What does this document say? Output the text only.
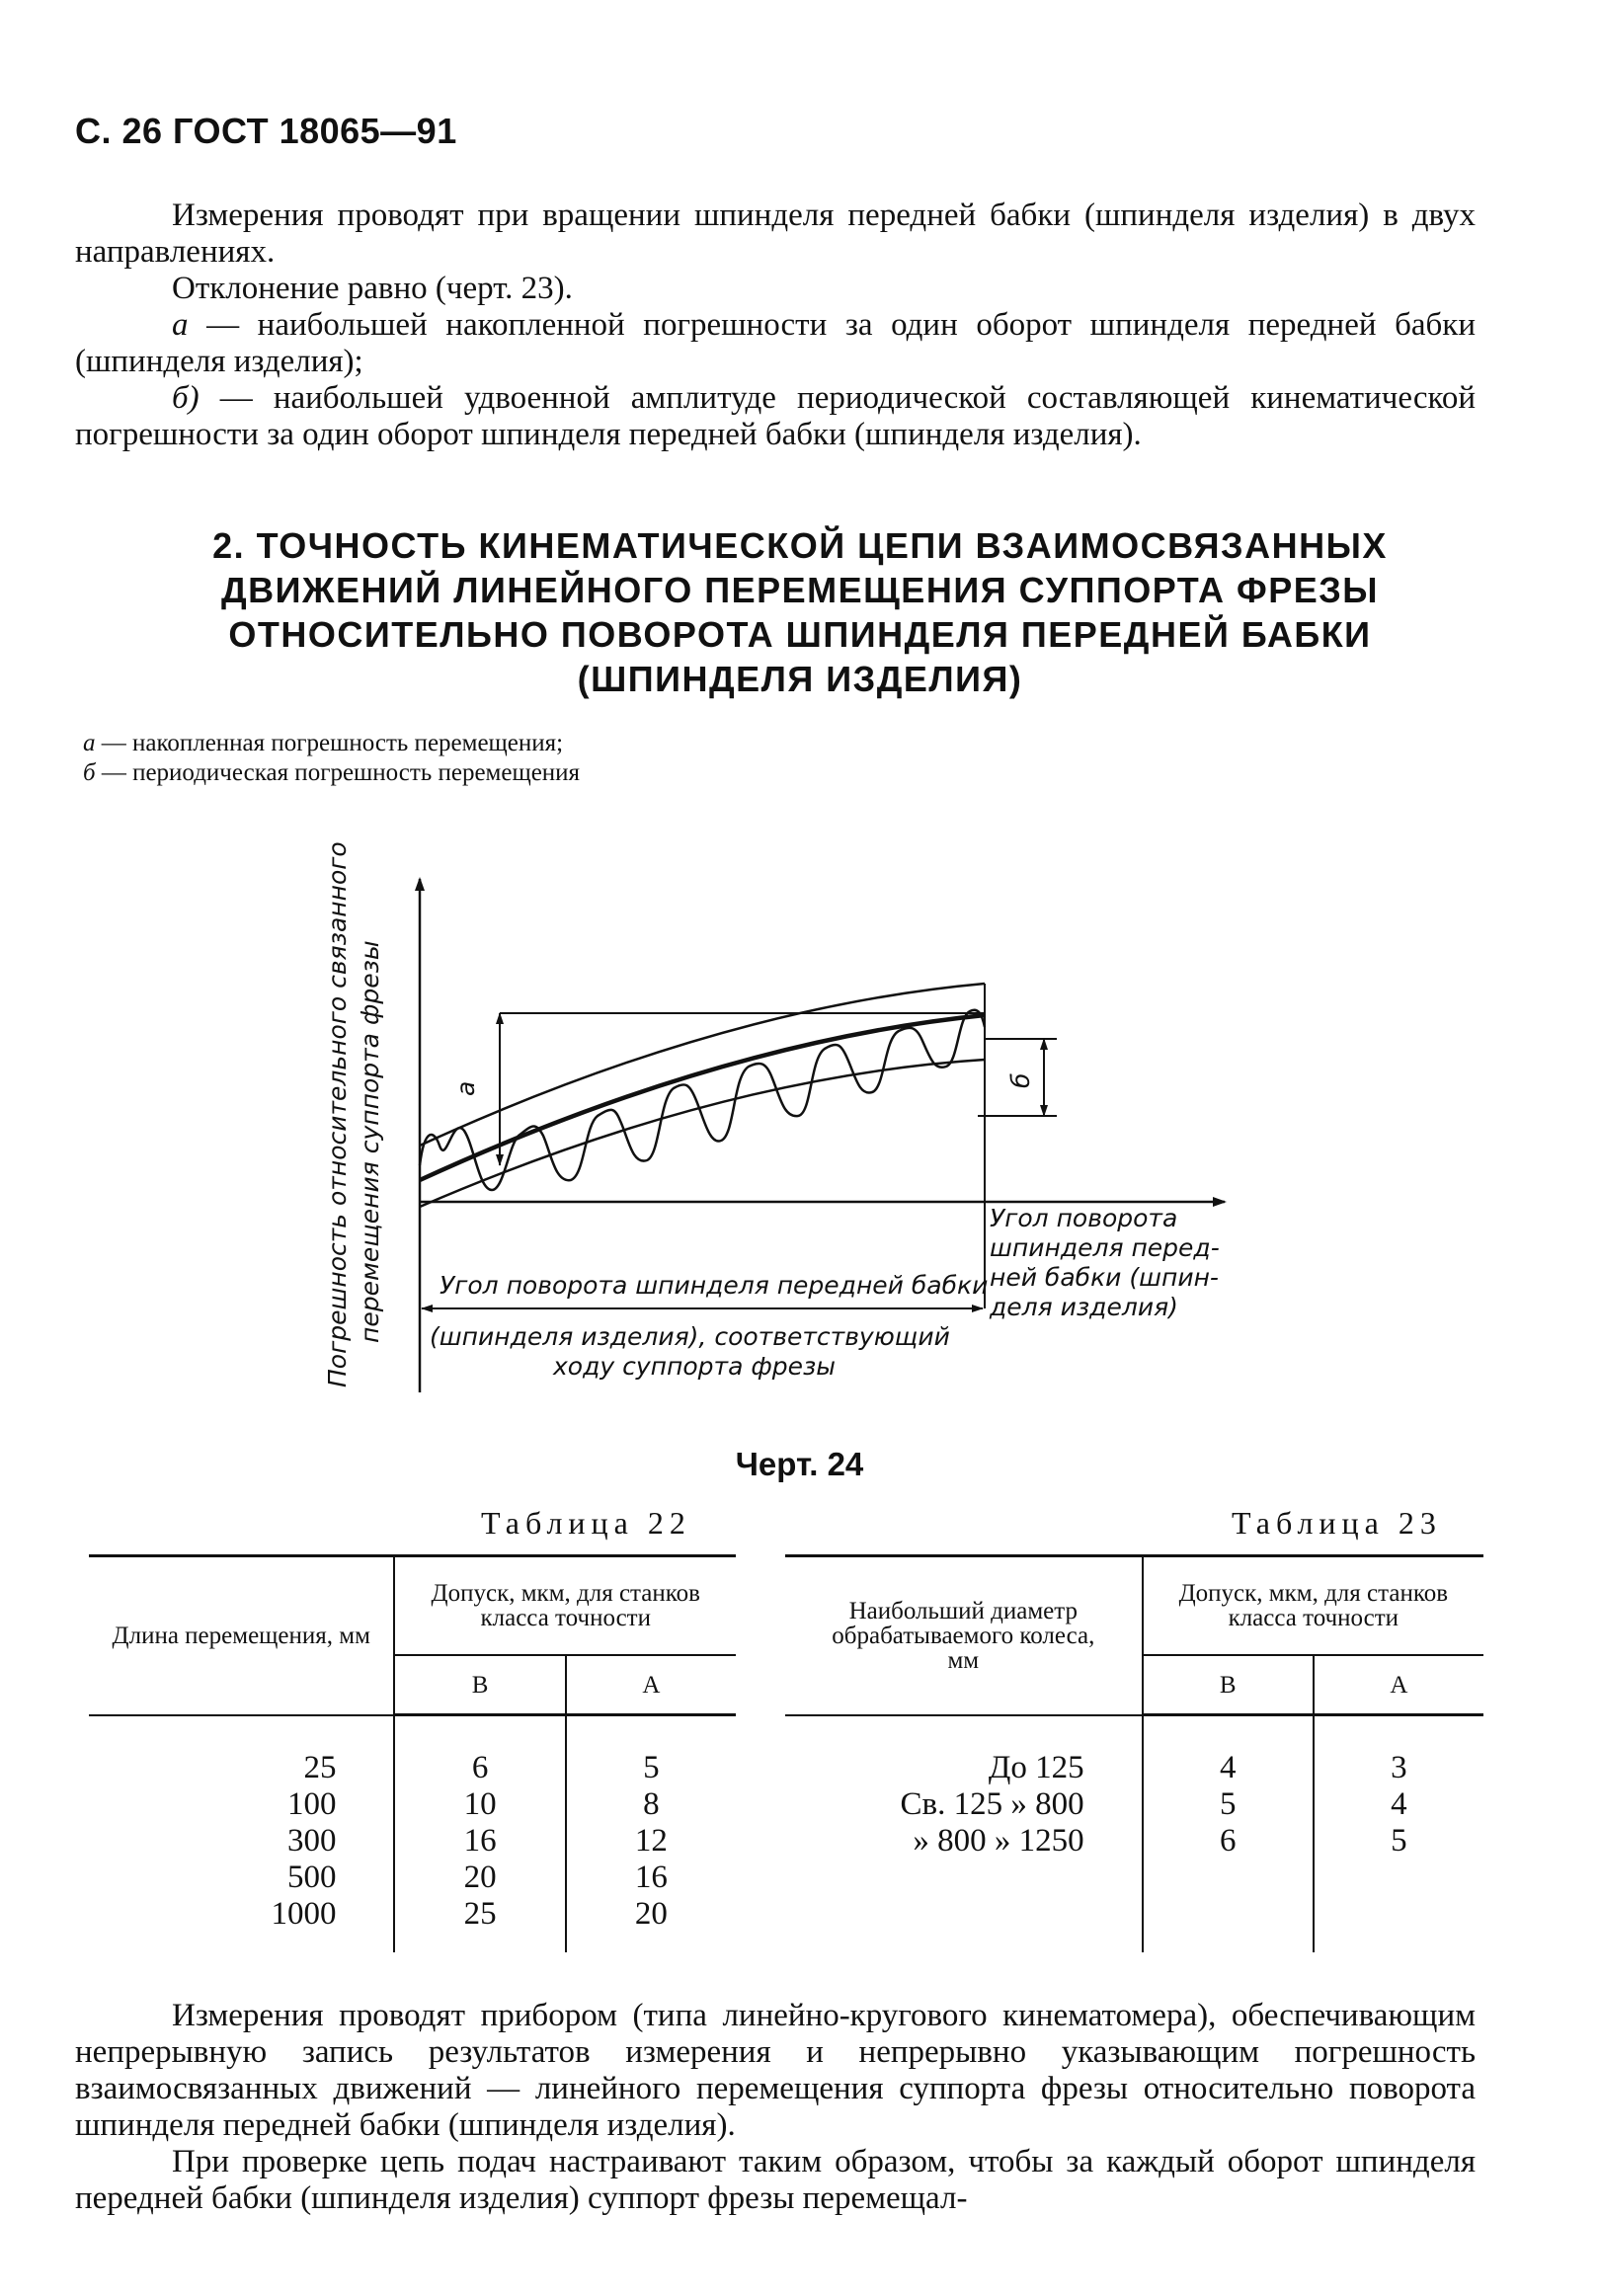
С. 26 ГОСТ 18065—91

Измерения проводят при вращении шпинделя передней бабки (шпинделя изделия) в двух направлениях.

Отклонение равно (черт. 23).

а — наибольшей накопленной погрешности за один оборот шпинделя передней бабки (шпинделя изделия);

б) — наибольшей удвоенной амплитуде периодической составляющей кинематической погрешности за один оборот шпинделя передней бабки (шпинделя изделия).

2. ТОЧНОСТЬ КИНЕМАТИЧЕСКОЙ ЦЕПИ ВЗАИМОСВЯЗАННЫХ
ДВИЖЕНИЙ ЛИНЕЙНОГО ПЕРЕМЕЩЕНИЯ СУППОРТА ФРЕЗЫ
ОТНОСИТЕЛЬНО ПОВОРОТА ШПИНДЕЛЯ ПЕРЕДНЕЙ БАБКИ
(ШПИНДЕЛЯ ИЗДЕЛИЯ)
а — накопленная погрешность перемещения;
б — периодическая погрешность перемещения
а
б
Погрешность относительного связанного перемещения суппорта фрезы	Угол поворота
шпинделя перед-
ней бабки (шпин-
деля изделия)
Угол поворота шпинделя передней бабки
(шпинделя изделия), соответствующий
ходу суппорта фрезы
Черт. 24
Таблица 22
Длина перемещения, мм	Допуск, мкм, для станков класса точности	
	В	А
25	6	5
100	10	8
300	16	12
500	20	16
1000	25	20
Таблица 23
Наибольший диаметр обрабатываемого колеса, мм	Допуск, мкм, для станков класса точности	
	В	А
До 125	4	3
Св. 125 » 800	5	4
» 800 » 1250	6	5

Измерения проводят прибором (типа линейно-кругового кинематомера), обеспечивающим непрерывную запись результатов измерения и непрерывно указывающим погрешность взаимосвязанных движений — линейного перемещения суппорта фрезы относительно поворота шпинделя передней бабки (шпинделя изделия).

При проверке цепь подач настраивают таким образом, чтобы за каждый оборот шпинделя передней бабки (шпинделя изделия) суппорт фрезы перемещал-
